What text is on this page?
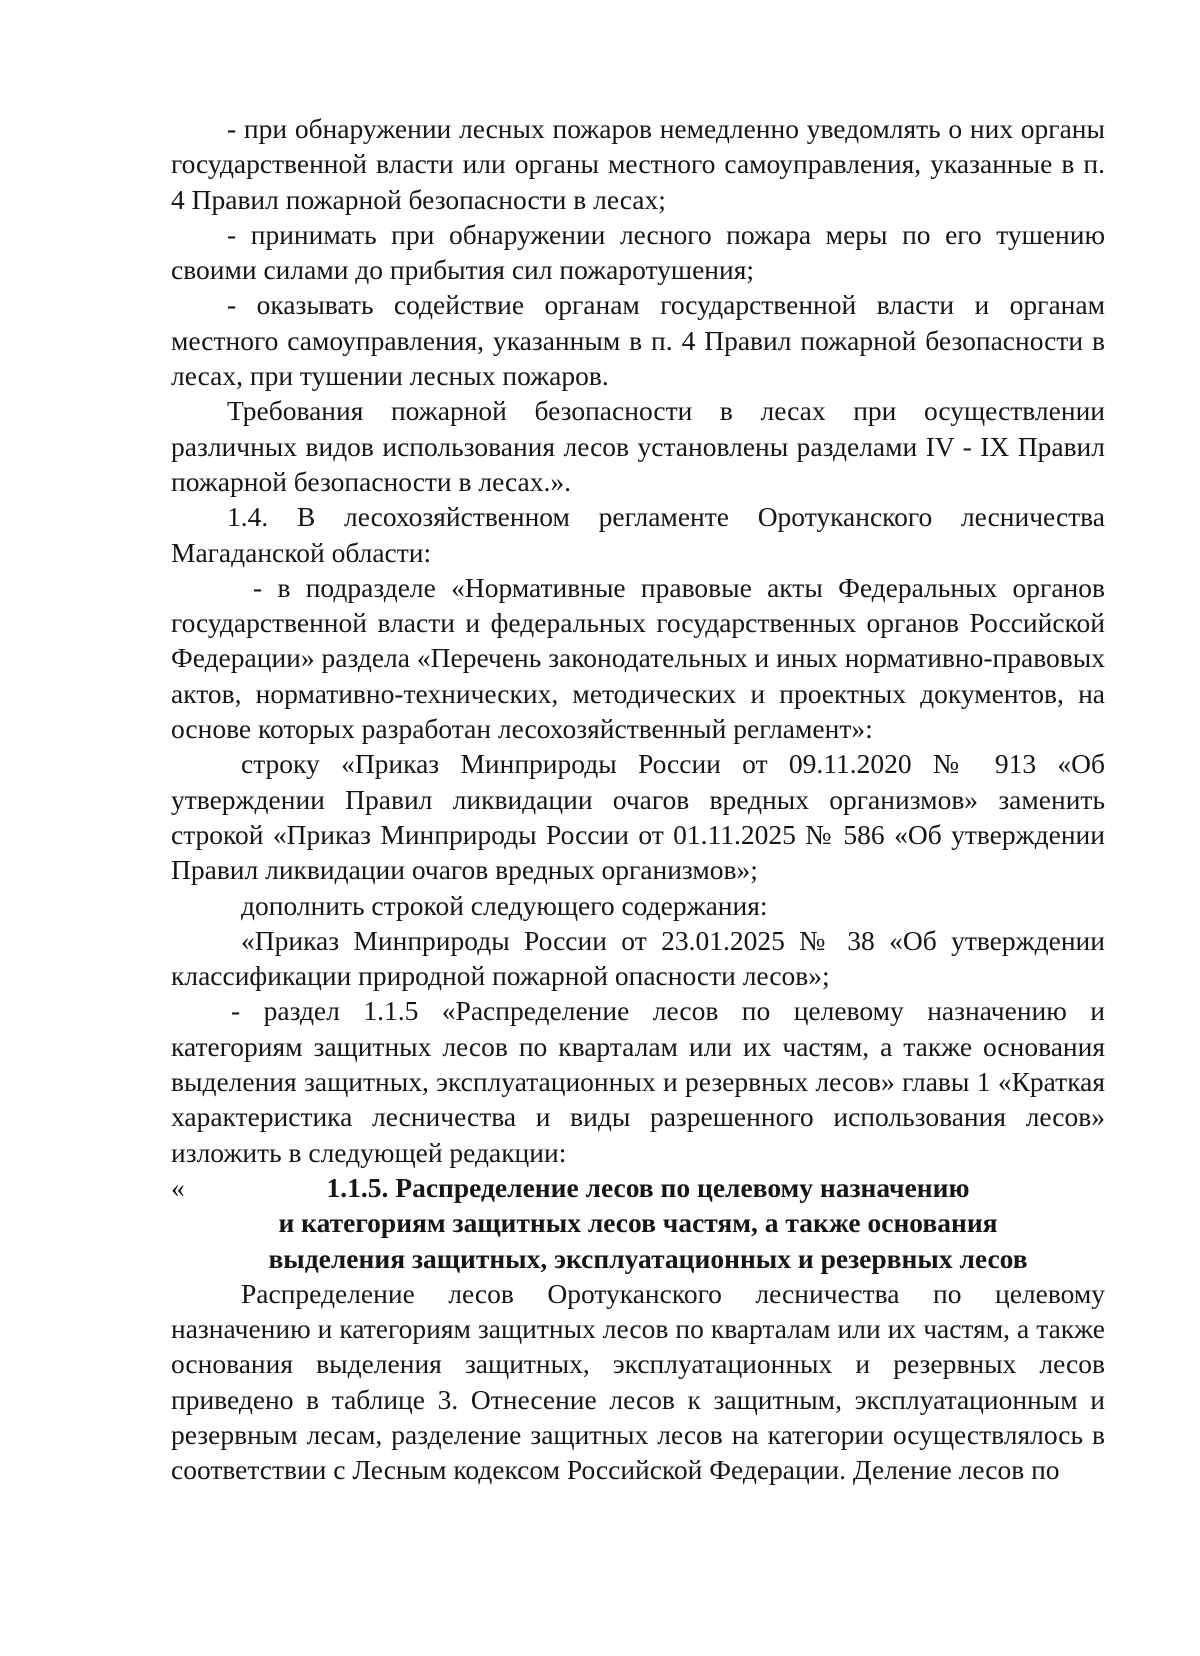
- при обнаружении лесных пожаров немедленно уведомлять о них органы государственной власти или органы местного самоуправления, указанные в п. 4 Правил пожарной безопасности в лесах;

- принимать при обнаружении лесного пожара меры по его тушению своими силами до прибытия сил пожаротушения;

- оказывать содействие органам государственной власти и органам местного самоуправления, указанным в п. 4 Правил пожарной безопасности в лесах, при тушении лесных пожаров.

Требования пожарной безопасности в лесах при осуществлении различных видов использования лесов установлены разделами IV - IX Правил пожарной безопасности в лесах.».

1.4. В лесохозяйственном регламенте Оротуканского лесничества Магаданской области:

- в подразделе «Нормативные правовые акты Федеральных органов государственной власти и федеральных государственных органов Российской Федерации» раздела «Перечень законодательных и иных нормативно-правовых актов, нормативно-технических, методических и проектных документов, на основе которых разработан лесохозяйственный регламент»:

строку «Приказ Минприроды России от 09.11.2020 № 913 «Об утверждении Правил ликвидации очагов вредных организмов» заменить строкой «Приказ Минприроды России от 01.11.2025 № 586 «Об утверждении Правил ликвидации очагов вредных организмов»;

дополнить строкой следующего содержания:

«Приказ Минприроды России от 23.01.2025 № 38 «Об утверждении классификации природной пожарной опасности лесов»;

- раздел 1.1.5 «Распределение лесов по целевому назначению и категориям защитных лесов по кварталам или их частям, а также основания выделения защитных, эксплуатационных и резервных лесов» главы 1 «Краткая характеристика лесничества и виды разрешенного использования лесов» изложить в следующей редакции:

«	1.1.5. Распределение лесов по целевому назначению
и категориям защитных лесов частям, а также основания
выделения защитных, эксплуатационных и резервных лесов

Распределение лесов Оротуканского лесничества по целевому назначению и категориям защитных лесов по кварталам или их частям, а также основания выделения защитных, эксплуатационных и резервных лесов приведено в таблице 3. Отнесение лесов к защитным, эксплуатационным и резервным лесам, разделение защитных лесов на категории осуществлялось в соответствии с Лесным кодексом Российской Федерации. Деление лесов по
